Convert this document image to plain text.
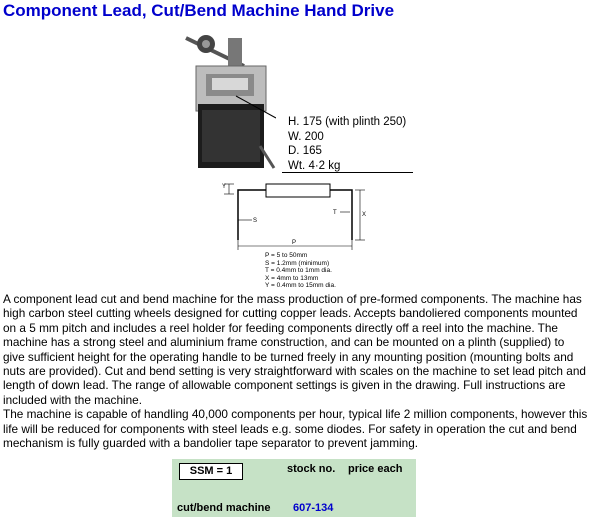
Component Lead, Cut/Bend Machine Hand Drive
H. 175 (with plinth 250)
W. 200
D. 165
Wt. 4·2 kg
Y
S
T	X
P
P = 5 to 50mm
S = 1.2mm (minimum)
T = 0.4mm to 1mm dia.
X = 4mm to 13mm
Y = 0.4mm to 15mm dia.

A component lead cut and bend machine for the mass production of pre-formed components. The machine has high carbon steel cutting wheels designed for cutting copper leads. Accepts bandoliered components mounted on a 5 mm pitch and includes a reel holder for feeding components directly off a reel into the machine. The machine has a strong steel and aluminium frame construction, and can be mounted on a plinth (supplied) to give sufficient height for the operating handle to be turned freely in any mounting position (mounting bolts and nuts are provided). Cut and bend setting is very straightforward with scales on the machine to set lead pitch and length of down lead. The range of allowable component settings is given in the drawing. Full instructions are included with the machine.

The machine is capable of handling 40,000 components per hour, typical life 2 million components, however this life will be reduced for components with steel leads e.g. some diodes. For safety in operation the cut and bend mechanism is fully guarded with a bandolier tape separator to prevent jamming.

SSM = 1	stock no. price each
cut/bend machine 607-134
